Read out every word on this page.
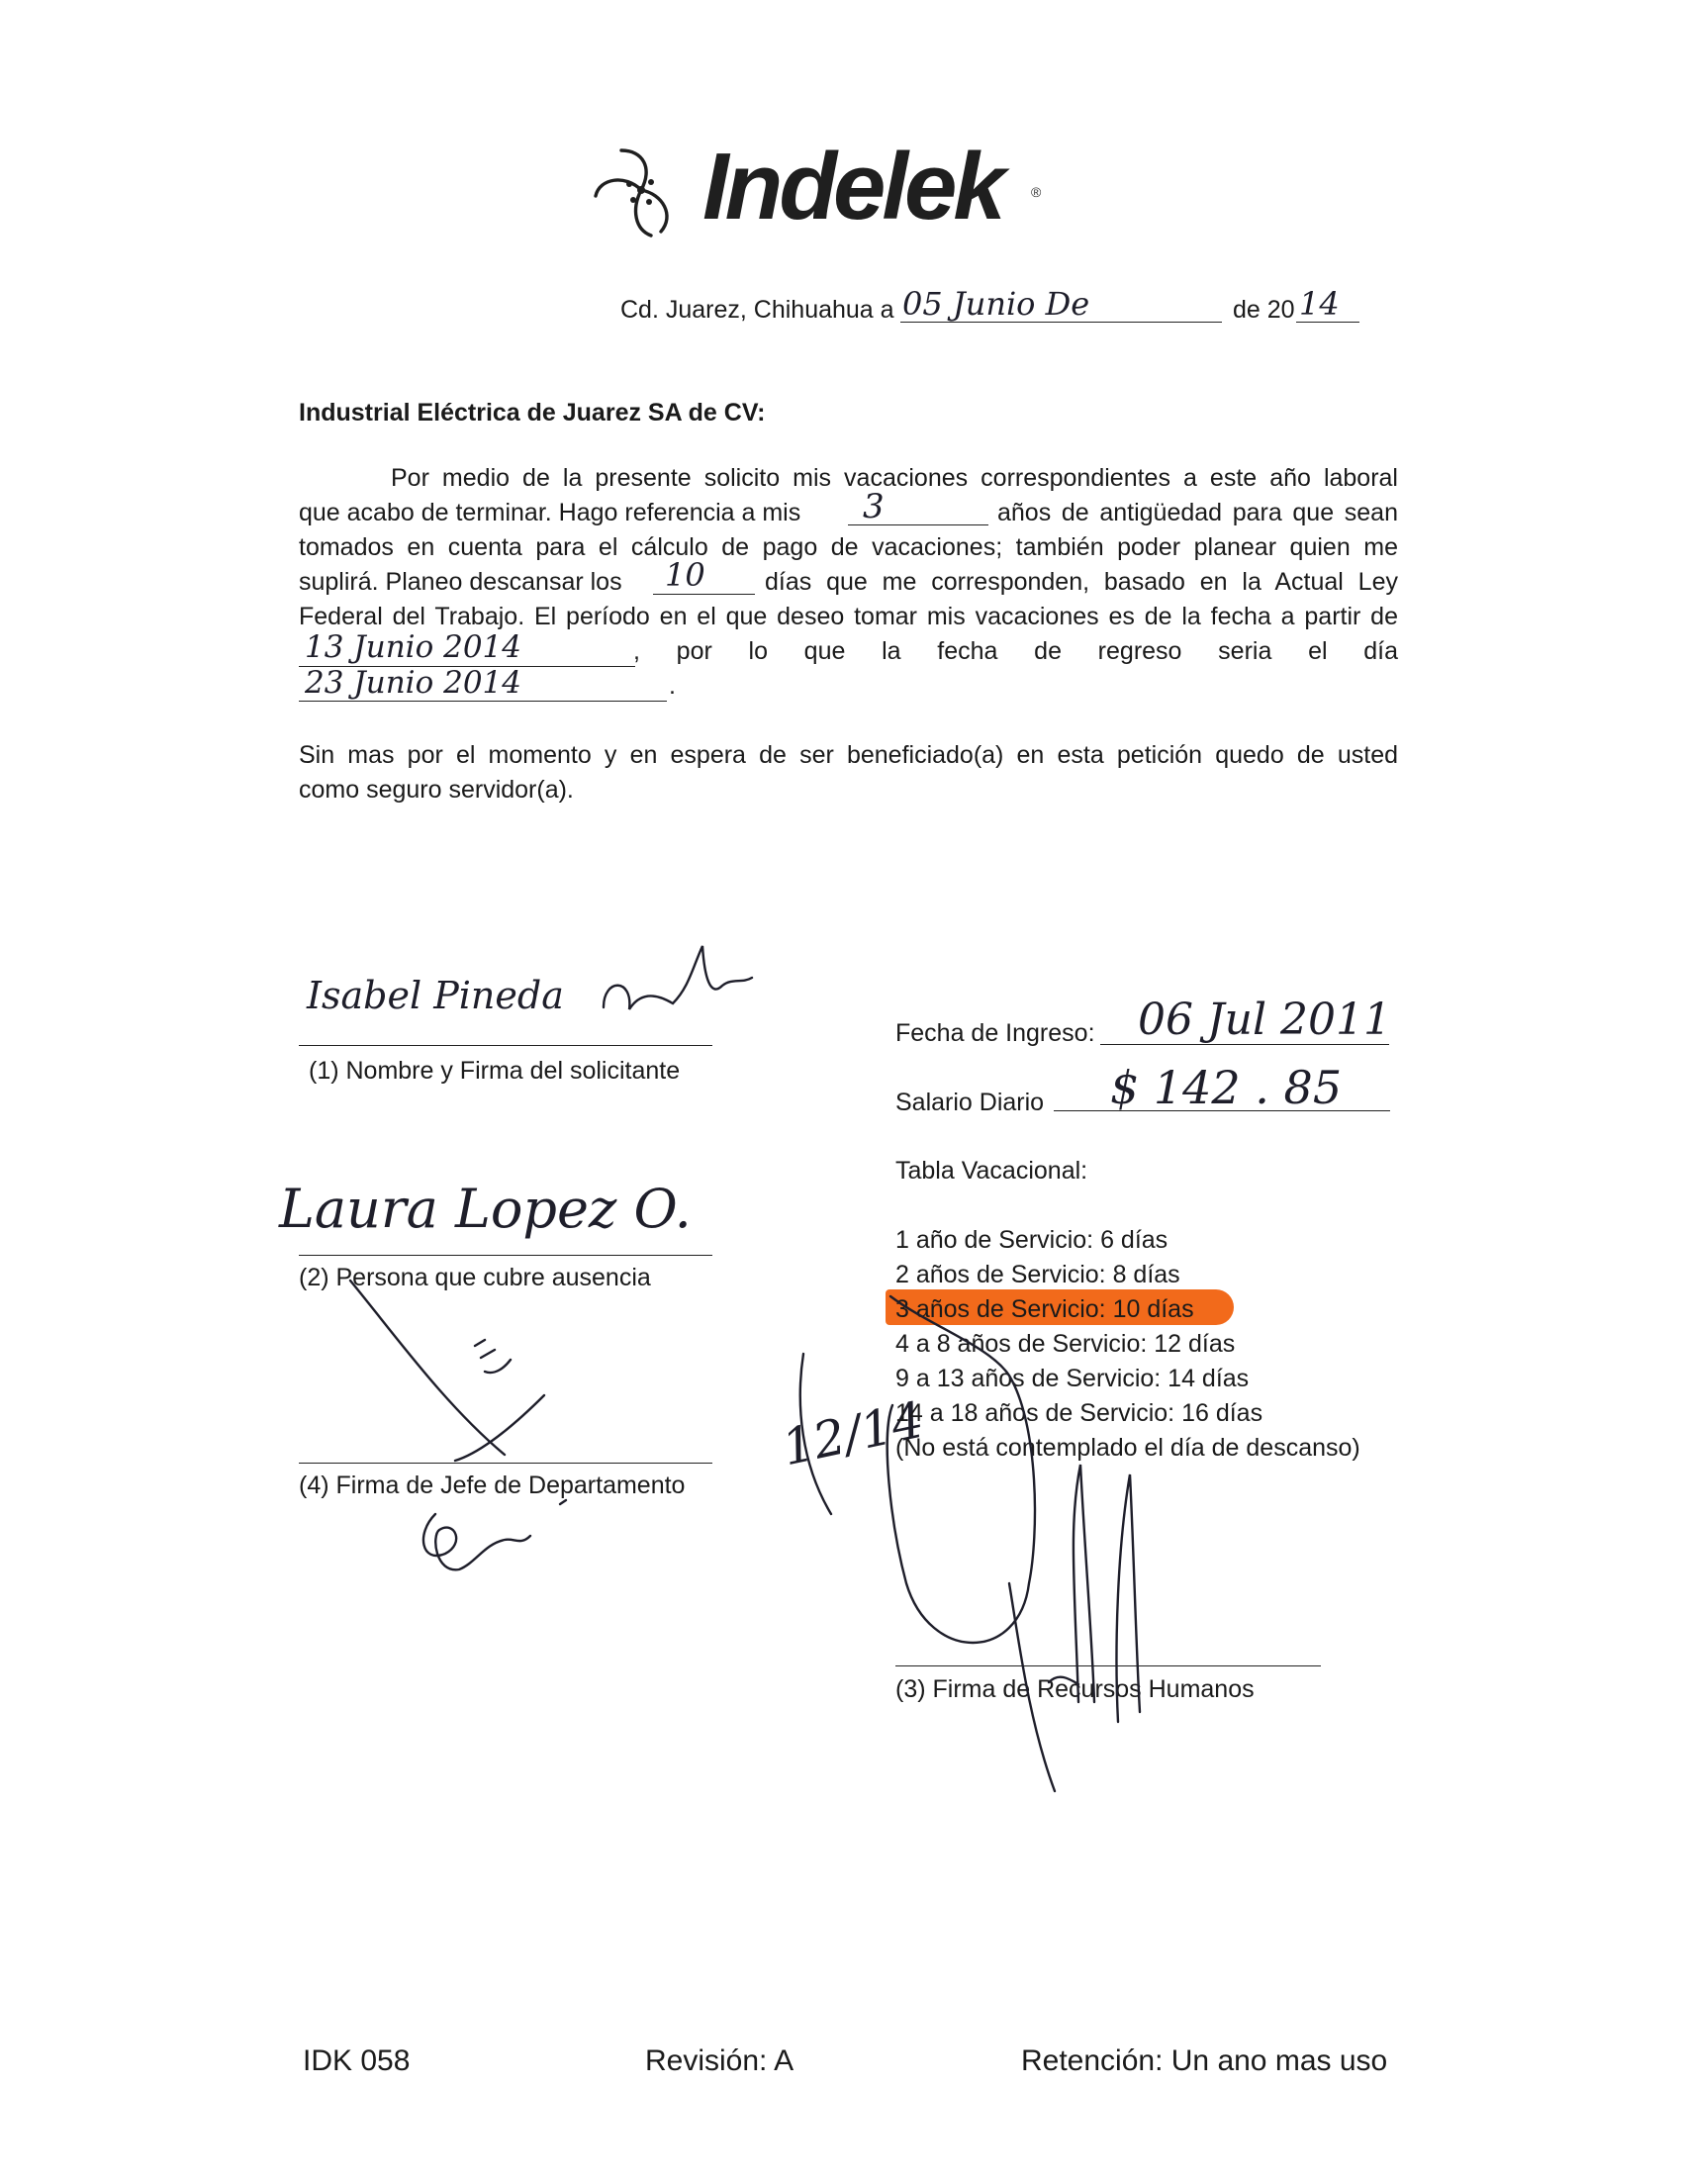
Indelek ®
Cd. Juarez, Chihuahua a 05 Junio De	de 20 14
Industrial Eléctrica de Juarez SA de CV:
Por medio de la presente solicito mis vacaciones correspondientes a este año laboral
que acabo de terminar. Hago referencia a mis 3	años de antigüedad para que sean
tomados en cuenta para el cálculo de pago de vacaciones; también poder planear quien me
suplirá. Planeo descansar los 10 días que me corresponden, basado en la Actual Ley
Federal del Trabajo. El período en el que deseo tomar mis vacaciones es de la fecha a partir de
13 Junio 2014	, por lo que la fecha de regreso seria el día
23 Junio 2014	.
Sin mas por el momento y en espera de ser beneficiado(a) en esta petición quedo de usted
como seguro servidor(a).
Isabel Pineda
(1) Nombre y Firma del solicitante
Laura Lopez O.
(2) Persona que cubre ausencia
(4) Firma de Jefe de Departamento
12/14
Fecha de Ingreso: 06 Jul 2011
Salario Diario $ 142 . 85
Tabla Vacacional:
1 año de Servicio: 6 días
2 años de Servicio: 8 días
3 años de Servicio: 10 días
4 a 8 años de Servicio: 12 días
9 a 13 años de Servicio: 14 días
14 a 18 años de Servicio: 16 días
(No está contemplado el día de descanso)
(3) Firma de Recursos Humanos
IDK 058	Revisión: A	Retención: Un ano mas uso
